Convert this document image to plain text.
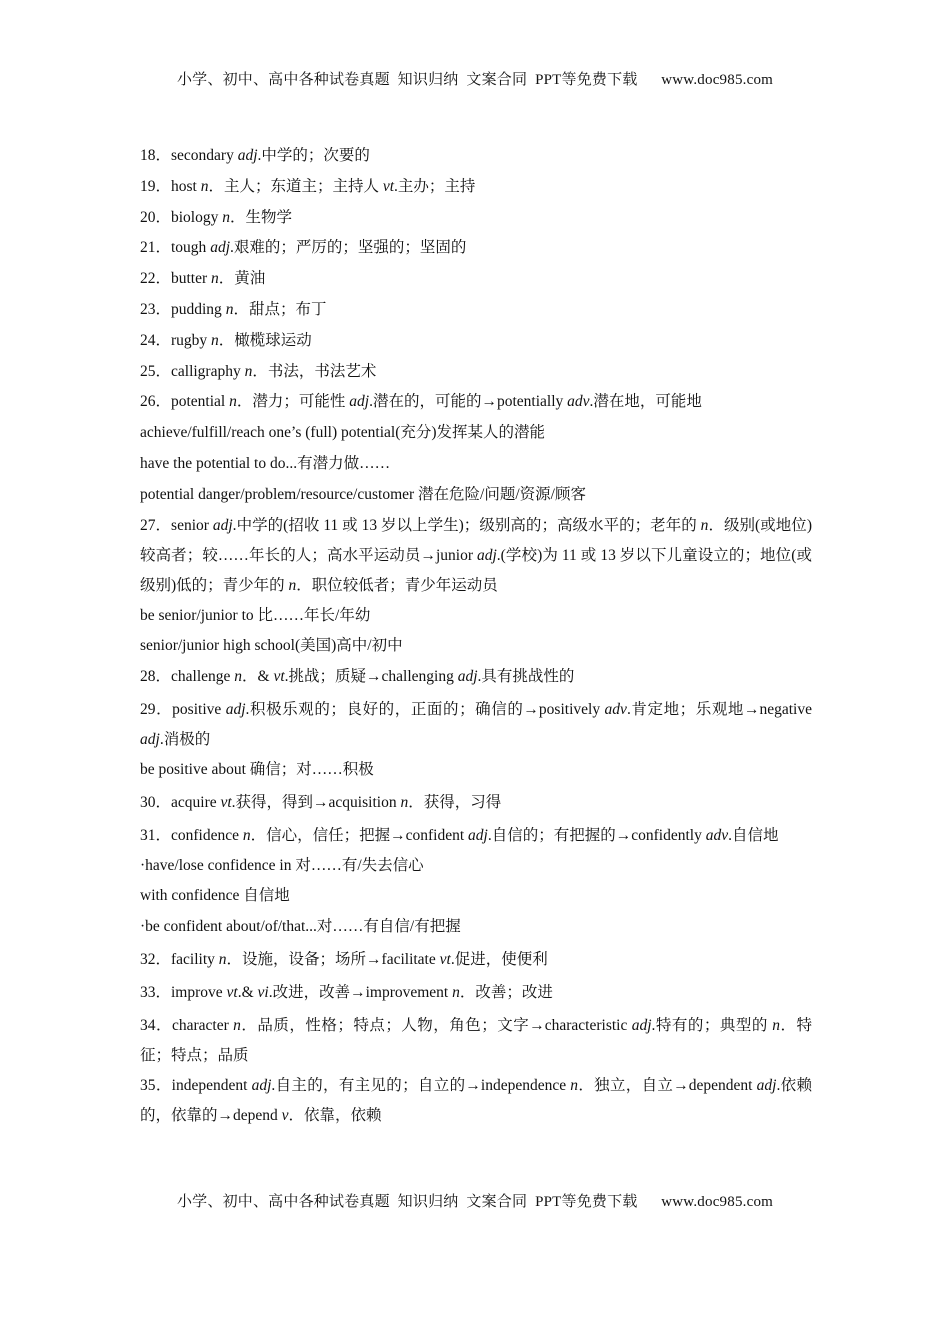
小学、初中、高中各种试卷真题  知识归纳  文案合同  PPT等免费下载      www.doc985.com
18．secondary adj.中学的；次要的
19．host n．主人；东道主；主持人 vt.主办；主持
20．biology n．生物学
21．tough adj.艰难的；严厉的；坚强的；坚固的
22．butter n．黄油
23．pudding n．甜点；布丁
24．rugby n．橄榄球运动
25．calligraphy n．书法，书法艺术
26．potential n．潜力；可能性 adj.潜在的，可能的→potentially adv.潜在地，可能地
achieve/fulfill/reach one’s (full) potential(充分)发挥某人的潜能
have the potential to do...有潜力做……
potential danger/problem/resource/customer 潜在危险/问题/资源/顾客
27．senior adj.中学的(招收 11 或 13 岁以上学生)；级别高的；高级水平的；老年的 n．级别(或地位)较高者；较……年长的人；高水平运动员→junior adj.(学校)为 11 或 13 岁以下儿童设立的；地位(或级别)低的；青少年的 n．职位较低者；青少年运动员
be senior/junior to 比……年长/年幼
senior/junior high school(美国)高中/初中
28．challenge n．& vt.挑战；质疑→challenging adj.具有挑战性的
29．positive adj.积极乐观的；良好的，正面的；确信的→positively adv.肯定地；乐观地→negative adj.消极的
be positive about 确信；对……积极
30．acquire vt.获得，得到→acquisition n．获得，习得
31．confidence n．信心，信任；把握→confident adj.自信的；有把握的→confidently adv.自信地
·have/lose confidence in 对……有/失去信心
with confidence 自信地
·be confident about/of/that...对……有自信/有把握
32．facility n．设施，设备；场所→facilitate vt.促进，使便利
33．improve vt.& vi.改进，改善→improvement n．改善；改进
34．character n．品质，性格；特点；人物，角色；文字→characteristic adj.特有的；典型的 n．特征；特点；品质
35．independent adj.自主的，有主见的；自立的→independence n．独立，自立→dependent adj.依赖的，依靠的→depend v．依靠，依赖
小学、初中、高中各种试卷真题  知识归纳  文案合同  PPT等免费下载      www.doc985.com
